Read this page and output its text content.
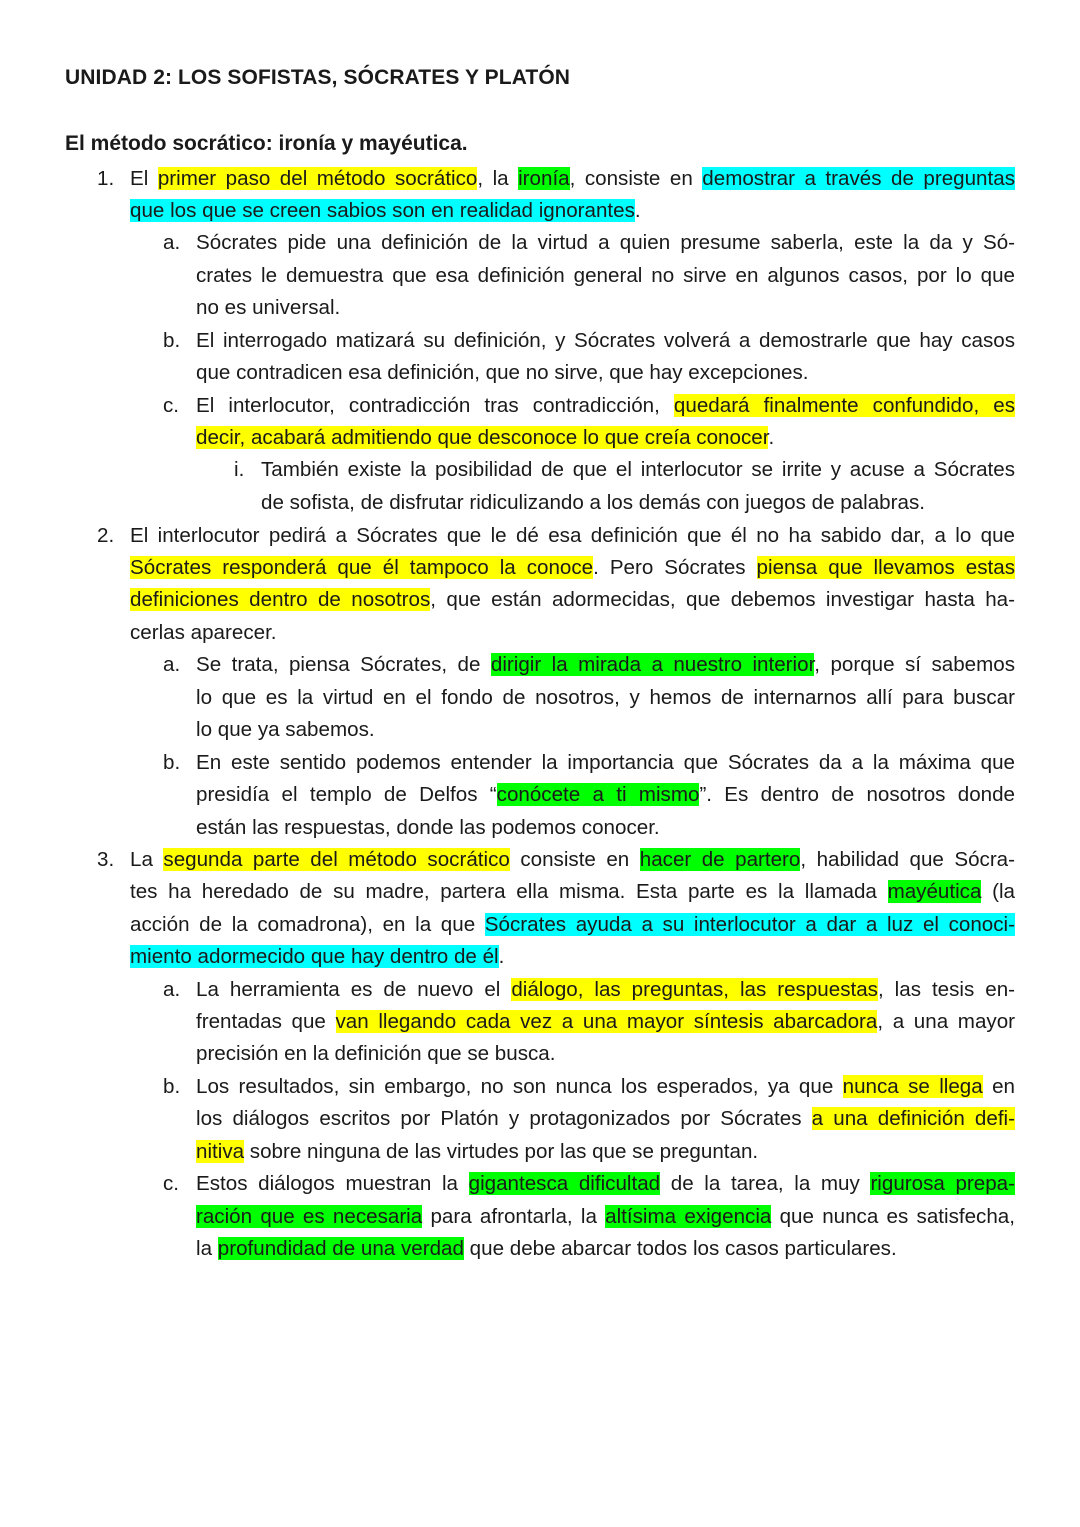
UNIDAD 2: LOS SOFISTAS, SÓCRATES Y PLATÓN
El método socrático: ironía y mayéutica.
1.
a.
b.
c.
i.
2.
a.
b.
3.
a.
b.
c.
El primer paso del método socrático, la ironía, consiste en demostrar a través de preguntas
que los que se creen sabios son en realidad ignorantes.
Sócrates pide una definición de la virtud a quien presume saberla, este la da y Só-
crates le demuestra que esa definición general no sirve en algunos casos, por lo que
no es universal.
El interrogado matizará su definición, y Sócrates volverá a demostrarle que hay casos
que contradicen esa definición, que no sirve, que hay excepciones.
El interlocutor, contradicción tras contradicción, quedará finalmente confundido, es
decir, acabará admitiendo que desconoce lo que creía conocer.
También existe la posibilidad de que el interlocutor se irrite y acuse a Sócrates
de sofista, de disfrutar ridiculizando a los demás con juegos de palabras.
El interlocutor pedirá a Sócrates que le dé esa definición que él no ha sabido dar, a lo que
Sócrates responderá que él tampoco la conoce. Pero Sócrates piensa que llevamos estas
definiciones dentro de nosotros, que están adormecidas, que debemos investigar hasta ha-
cerlas aparecer.
Se trata, piensa Sócrates, de dirigir la mirada a nuestro interior, porque sí sabemos
lo que es la virtud en el fondo de nosotros, y hemos de internarnos allí para buscar
lo que ya sabemos.
En este sentido podemos entender la importancia que Sócrates da a la máxima que
presidía el templo de Delfos “conócete a ti mismo”. Es dentro de nosotros donde
están las respuestas, donde las podemos conocer.
La segunda parte del método socrático consiste en hacer de partero, habilidad que Sócra-
tes ha heredado de su madre, partera ella misma. Esta parte es la llamada mayéutica (la
acción de la comadrona), en la que Sócrates ayuda a su interlocutor a dar a luz el conoci-
miento adormecido que hay dentro de él.
La herramienta es de nuevo el diálogo, las preguntas, las respuestas, las tesis en-
frentadas que van llegando cada vez a una mayor síntesis abarcadora, a una mayor
precisión en la definición que se busca.
Los resultados, sin embargo, no son nunca los esperados, ya que nunca se llega en
los diálogos escritos por Platón y protagonizados por Sócrates a una definición defi-
nitiva sobre ninguna de las virtudes por las que se preguntan.
Estos diálogos muestran la gigantesca dificultad de la tarea, la muy rigurosa prepa-
ración que es necesaria para afrontarla, la altísima exigencia que nunca es satisfecha,
la profundidad de una verdad que debe abarcar todos los casos particulares.
